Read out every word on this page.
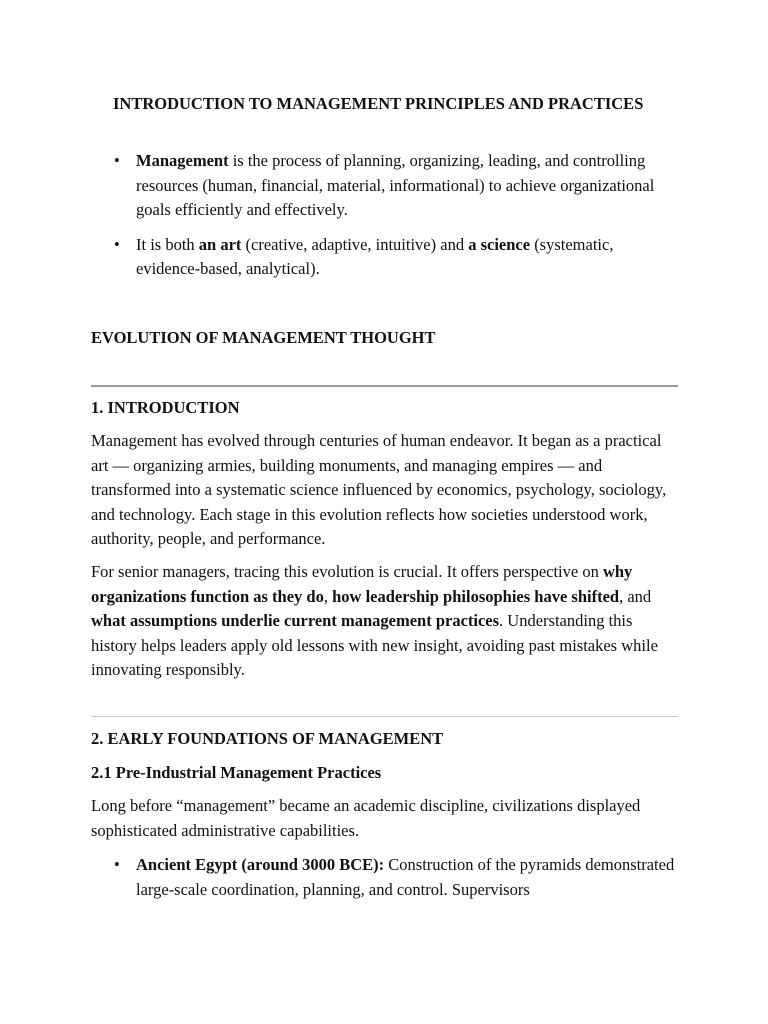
INTRODUCTION TO MANAGEMENT PRINCIPLES AND PRACTICES
• Management is the process of planning, organizing, leading, and controlling resources (human, financial, material, informational) to achieve organizational goals efficiently and effectively.
• It is both an art (creative, adaptive, intuitive) and a science (systematic, evidence-based, analytical).
EVOLUTION OF MANAGEMENT THOUGHT
1. INTRODUCTION

Management has evolved through centuries of human endeavor. It began as a practical art — organizing armies, building monuments, and managing empires — and transformed into a systematic science influenced by economics, psychology, sociology, and technology. Each stage in this evolution reflects how societies understood work, authority, people, and performance.

For senior managers, tracing this evolution is crucial. It offers perspective on why organizations function as they do, how leadership philosophies have shifted, and what assumptions underlie current management practices. Understanding this history helps leaders apply old lessons with new insight, avoiding past mistakes while innovating responsibly.

2. EARLY FOUNDATIONS OF MANAGEMENT
2.1 Pre-Industrial Management Practices

Long before “management” became an academic discipline, civilizations displayed sophisticated administrative capabilities.

• Ancient Egypt (around 3000 BCE): Construction of the pyramids demonstrated large-scale coordination, planning, and control. Supervisors
